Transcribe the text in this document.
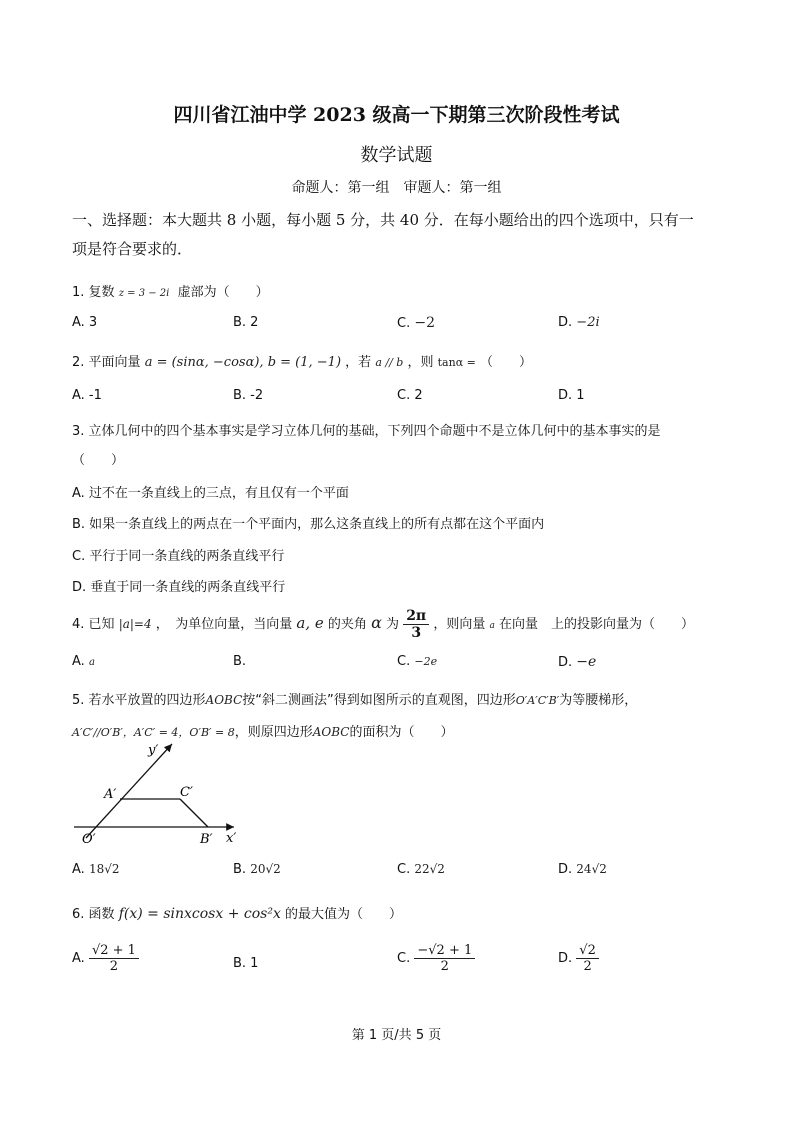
四川省江油中学 2023 级高一下期第三次阶段性考试
数学试题
命题人：第一组　审题人：第一组
一、选择题：本大题共 8 小题，每小题 5 分，共 40 分．在每小题给出的四个选项中，只有一
项是符合要求的．
1. 复数 z = 3 − 2i 虚部为（　　）
A. 3	B. 2	C. −2	D. −2i
2. 平面向量 a = (sinα, −cosα), b = (1, −1) ，若 a // b ，则 tanα = （　　）
A. -1	B. -2	C. 2	D. 1
3. 立体几何中的四个基本事实是学习立体几何的基础，下列四个命题中不是立体几何中的基本事实的是
（　　）
A. 过不在一条直线上的三点，有且仅有一个平面
B. 如果一条直线上的两点在一个平面内，那么这条直线上的所有点都在这个平面内
C. 平行于同一条直线的两条直线平行
D. 垂直于同一条直线的两条直线平行
4. 已知 |a|=4 ，　为单位向量，当向量 a, e 的夹角 α 为 $\frac{2\pi}{3}$ ，则向量 a 在向量　上的投影向量为（　　）
A. a	B.	C. −2e	D. −e
5. 若水平放置的四边形AOBC按“斜二测画法”得到如图所示的直观图，四边形O′A′C′B′为等腰梯形，
A′C′//O′B′，A′C′ = 4，O′B′ = 8，则原四边形AOBC的面积为（　　）
y′
x′
A′	C′
O′	B′
A. 18√2	B. 20√2	C. 22√2	D. 24√2
6. 函数 f(x) = sinxcosx + cos²x 的最大值为（　　）
A. $\frac{√2 + 1}{2}$	B. 1	C. $\frac{-√2 + 1}{2}$	D. $\frac{√2}{2}$
第 1 页/共 5 页
